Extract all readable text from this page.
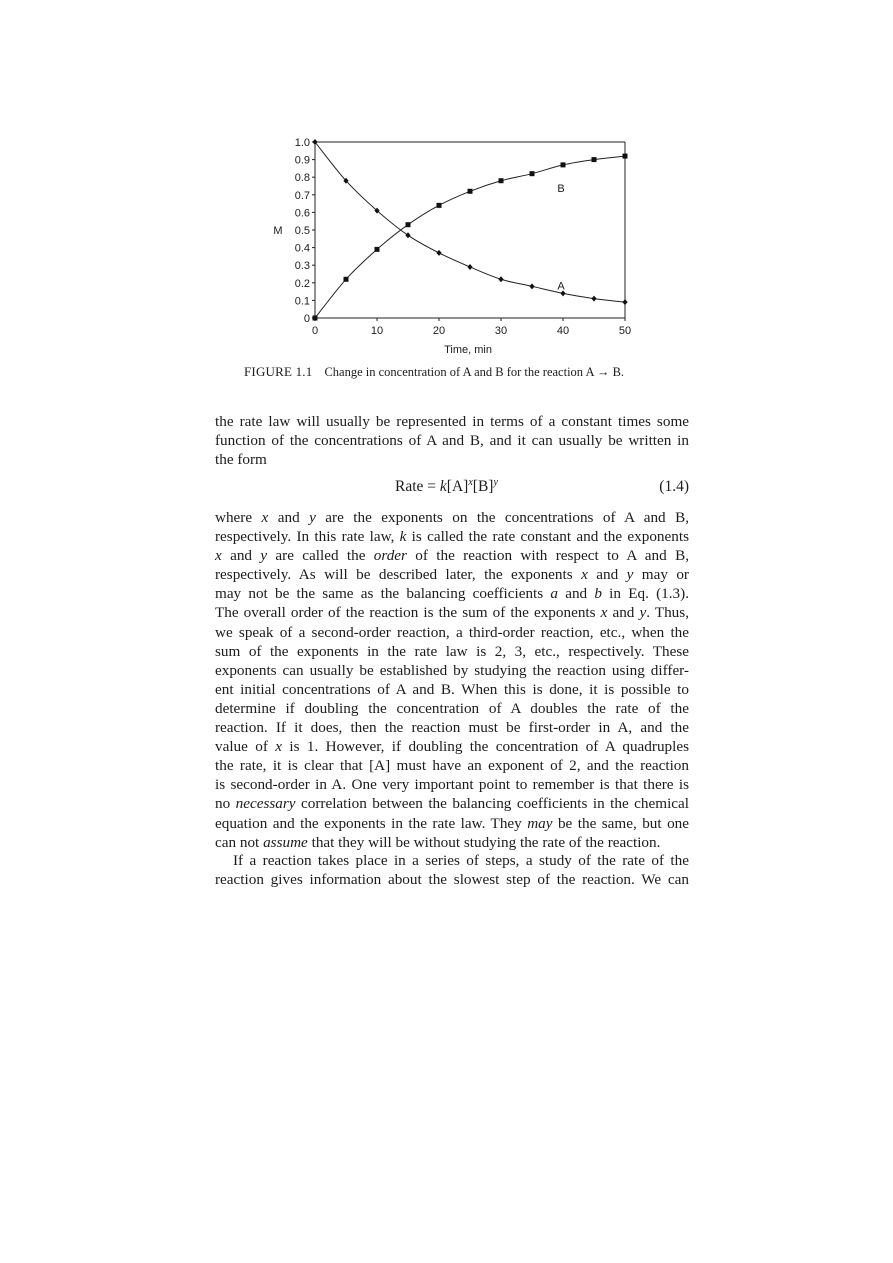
0
0.1
0.2
0.3
0.4
0.5
0.6
0.7
0.8
0.9
1.0
0	10	20	30	40	50
Time, min
M
B
A
FIGURE 1.1 Change in concentration of A and B for the reaction A → B.
the rate law will usually be represented in terms of a constant times some
function of the concentrations of A and B, and it can usually be written in
the form
Rate = $k[A]^x[B]^y$	(1.4)
where x and y are the exponents on the concentrations of A and B,
respectively. In this rate law, k is called the rate constant and the exponents
x and y are called the order of the reaction with respect to A and B,
respectively. As will be described later, the exponents x and y may or
may not be the same as the balancing coefficients a and b in Eq. (1.3).
The overall order of the reaction is the sum of the exponents x and y. Thus,
we speak of a second-order reaction, a third-order reaction, etc., when the
sum of the exponents in the rate law is 2, 3, etc., respectively. These
exponents can usually be established by studying the reaction using differ-
ent initial concentrations of A and B. When this is done, it is possible to
determine if doubling the concentration of A doubles the rate of the
reaction. If it does, then the reaction must be first-order in A, and the
value of x is 1. However, if doubling the concentration of A quadruples
the rate, it is clear that [A] must have an exponent of 2, and the reaction
is second-order in A. One very important point to remember is that there is
no necessary correlation between the balancing coefficients in the chemical
equation and the exponents in the rate law. They may be the same, but one
can not assume that they will be without studying the rate of the reaction.
If a reaction takes place in a series of steps, a study of the rate of the
reaction gives information about the slowest step of the reaction. We can
